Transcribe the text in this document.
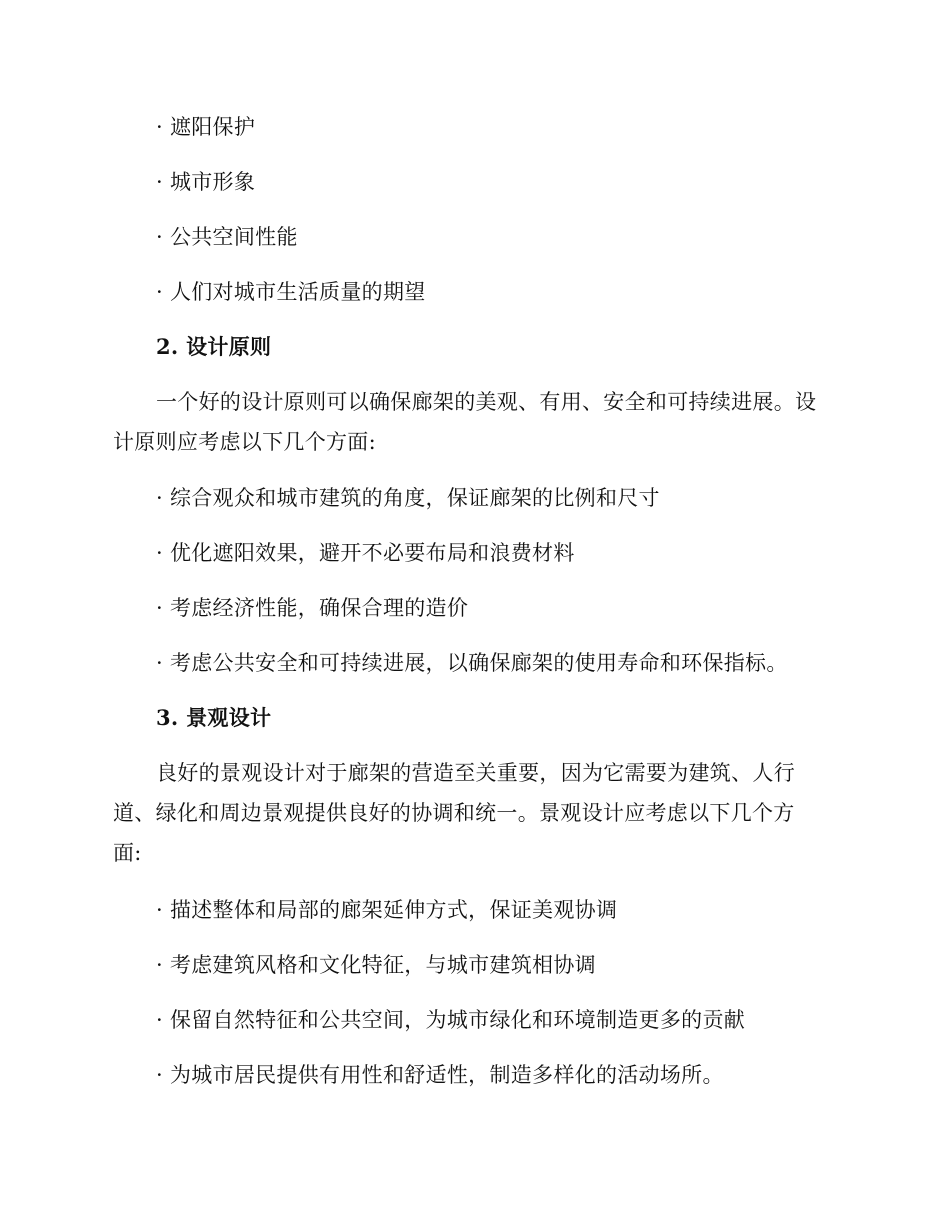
· 遮阳保护
· 城市形象
· 公共空间性能
· 人们对城市生活质量的期望
2. 设计原则
一个好的设计原则可以确保廊架的美观、有用、安全和可持续进展。设
计原则应考虑以下几个方面:
· 综合观众和城市建筑的角度，保证廊架的比例和尺寸
· 优化遮阳效果，避开不必要布局和浪费材料
· 考虑经济性能，确保合理的造价
· 考虑公共安全和可持续进展，以确保廊架的使用寿命和环保指标。
3. 景观设计
良好的景观设计对于廊架的营造至关重要，因为它需要为建筑、人行
道、绿化和周边景观提供良好的协调和统一。景观设计应考虑以下几个方
面:
· 描述整体和局部的廊架延伸方式，保证美观协调
· 考虑建筑风格和文化特征，与城市建筑相协调
· 保留自然特征和公共空间，为城市绿化和环境制造更多的贡献
· 为城市居民提供有用性和舒适性，制造多样化的活动场所。
